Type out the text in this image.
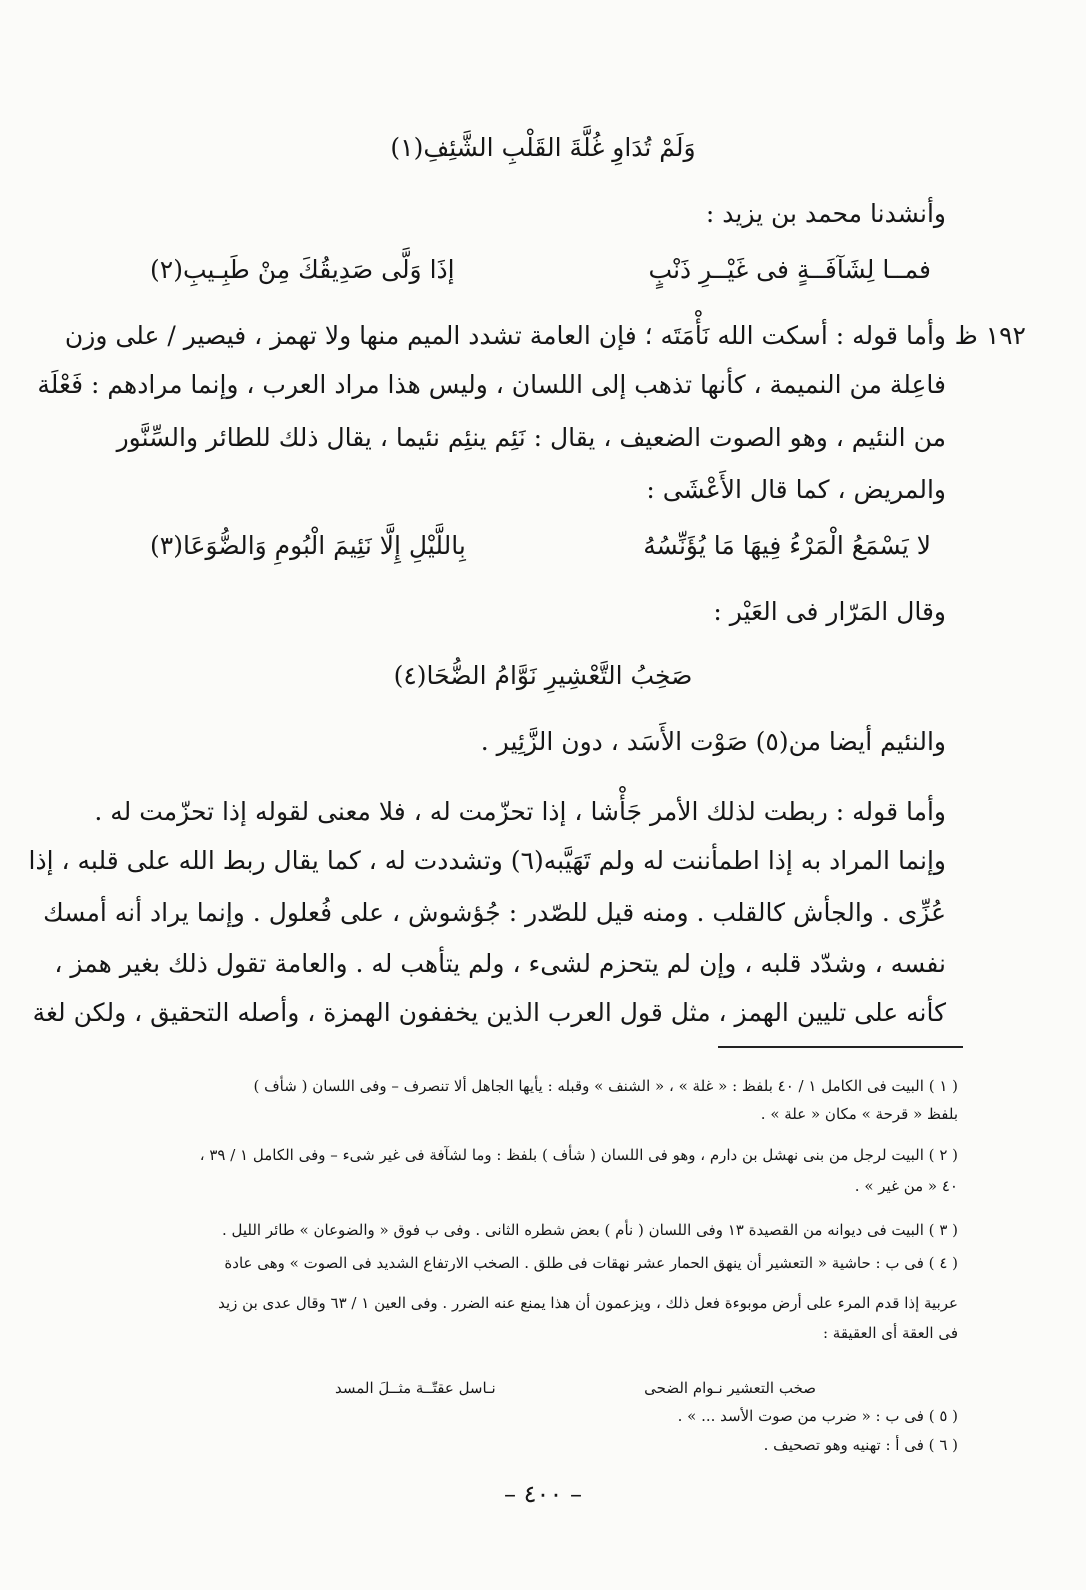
وَلَمْ تُدَاوِ غُلَّةَ القَلْبِ الشَّئِفِ(١)
وأنشدنا محمد بن يزيد :
فمــا لِشَآفَــةٍ فى غَيْــرِ ذَنْبٍ
إذَا وَلَّى صَدِيقُكَ مِنْ طَبِـيبِ(٢)
١٩٢ ظ
وأما قوله : أسكت الله نَأْمَتَه ؛ فإن العامة تشدد الميم منها ولا تهمز ، فيصير / على وزن
فاعِلة من النميمة ، كأنها تذهب إلى اللسان ، وليس هذا مراد العرب ، وإنما مرادهم : فَعْلَة
من النئيم ، وهو الصوت الضعيف ، يقال : نَئِم ينئِم نئيما ، يقال ذلك للطائر والسِّنَّور
والمريض ، كما قال الأَعْشَى :
لا يَسْمَعُ الْمَرْءُ فِيهَا مَا يُؤَنِّسُهُ
بِاللَّيْلِ إِلَّا نَئِيمَ الْبُومِ وَالضُّوَعَا(٣)
وقال المَرّار فى العَيْر :
صَخِبُ التَّعْشِيرِ نَوَّامُ الضُّحَا(٤)
والنئيم أيضا من(٥) صَوْت الأَسَد ، دون الزَّئِير .
وأما قوله : ربطت لذلك الأمر جَأْشا ، إذا تحزّمت له ، فلا معنى لقوله إذا تحزّمت له .
وإنما المراد به إذا اطمأننت له ولم تَهَيَّبه(٦) وتشددت له ، كما يقال ربط الله على قلبه ، إذا
عُزِّى . والجأش كالقلب . ومنه قيل للصّدر : جُؤشوش ، على فُعلول . وإنما يراد أنه أمسك
نفسه ، وشدّد قلبه ، وإن لم يتحزم لشىء ، ولم يتأهب له . والعامة تقول ذلك بغير همز ،
كأنه على تليين الهمز ، مثل قول العرب الذين يخففون الهمزة ، وأصله التحقيق ، ولكن لغة
( ١ ) البيت فى الكامل ١ / ٤٠ بلفظ : « غلة » ، « الشنف » وقبله : يأيها الجاهل ألا تنصرف – وفى اللسان ( شأف )
بلفظ « قرحة » مكان « علة » .
( ٢ ) البيت لرجل من بنى نهشل بن دارم ، وهو فى اللسان ( شأف ) بلفظ : وما لشآفة فى غير شىء – وفى الكامل ١ / ٣٩ ،
٤٠ « من غير » .
( ٣ ) البيت فى ديوانه من القصيدة ١٣ وفى اللسان ( نأم ) بعض شطره الثانى . وفى ب فوق « والضوعان » طائر الليل .
( ٤ ) فى ب : حاشية « التعشير أن ينهق الحمار عشر نهقات فى طلق . الصخب الارتفاع الشديد فى الصوت » وهى عادة
عربية إذا قدم المرء على أرض موبوءة فعل ذلك ، ويزعمون أن هذا يمنع عنه الضرر . وفى العين ١ / ٦٣ وقال عدى بن زيد
فى العقة أى العقيقة :
صخب التعشير نـوام الضحى
نـاسل عقتّــة مثــلَ المسد
( ٥ ) فى ب : « ضرب من صوت الأسد ... » .
( ٦ ) فى أ : تهنيه وهو تصحيف .
– ٤٠٠ –
